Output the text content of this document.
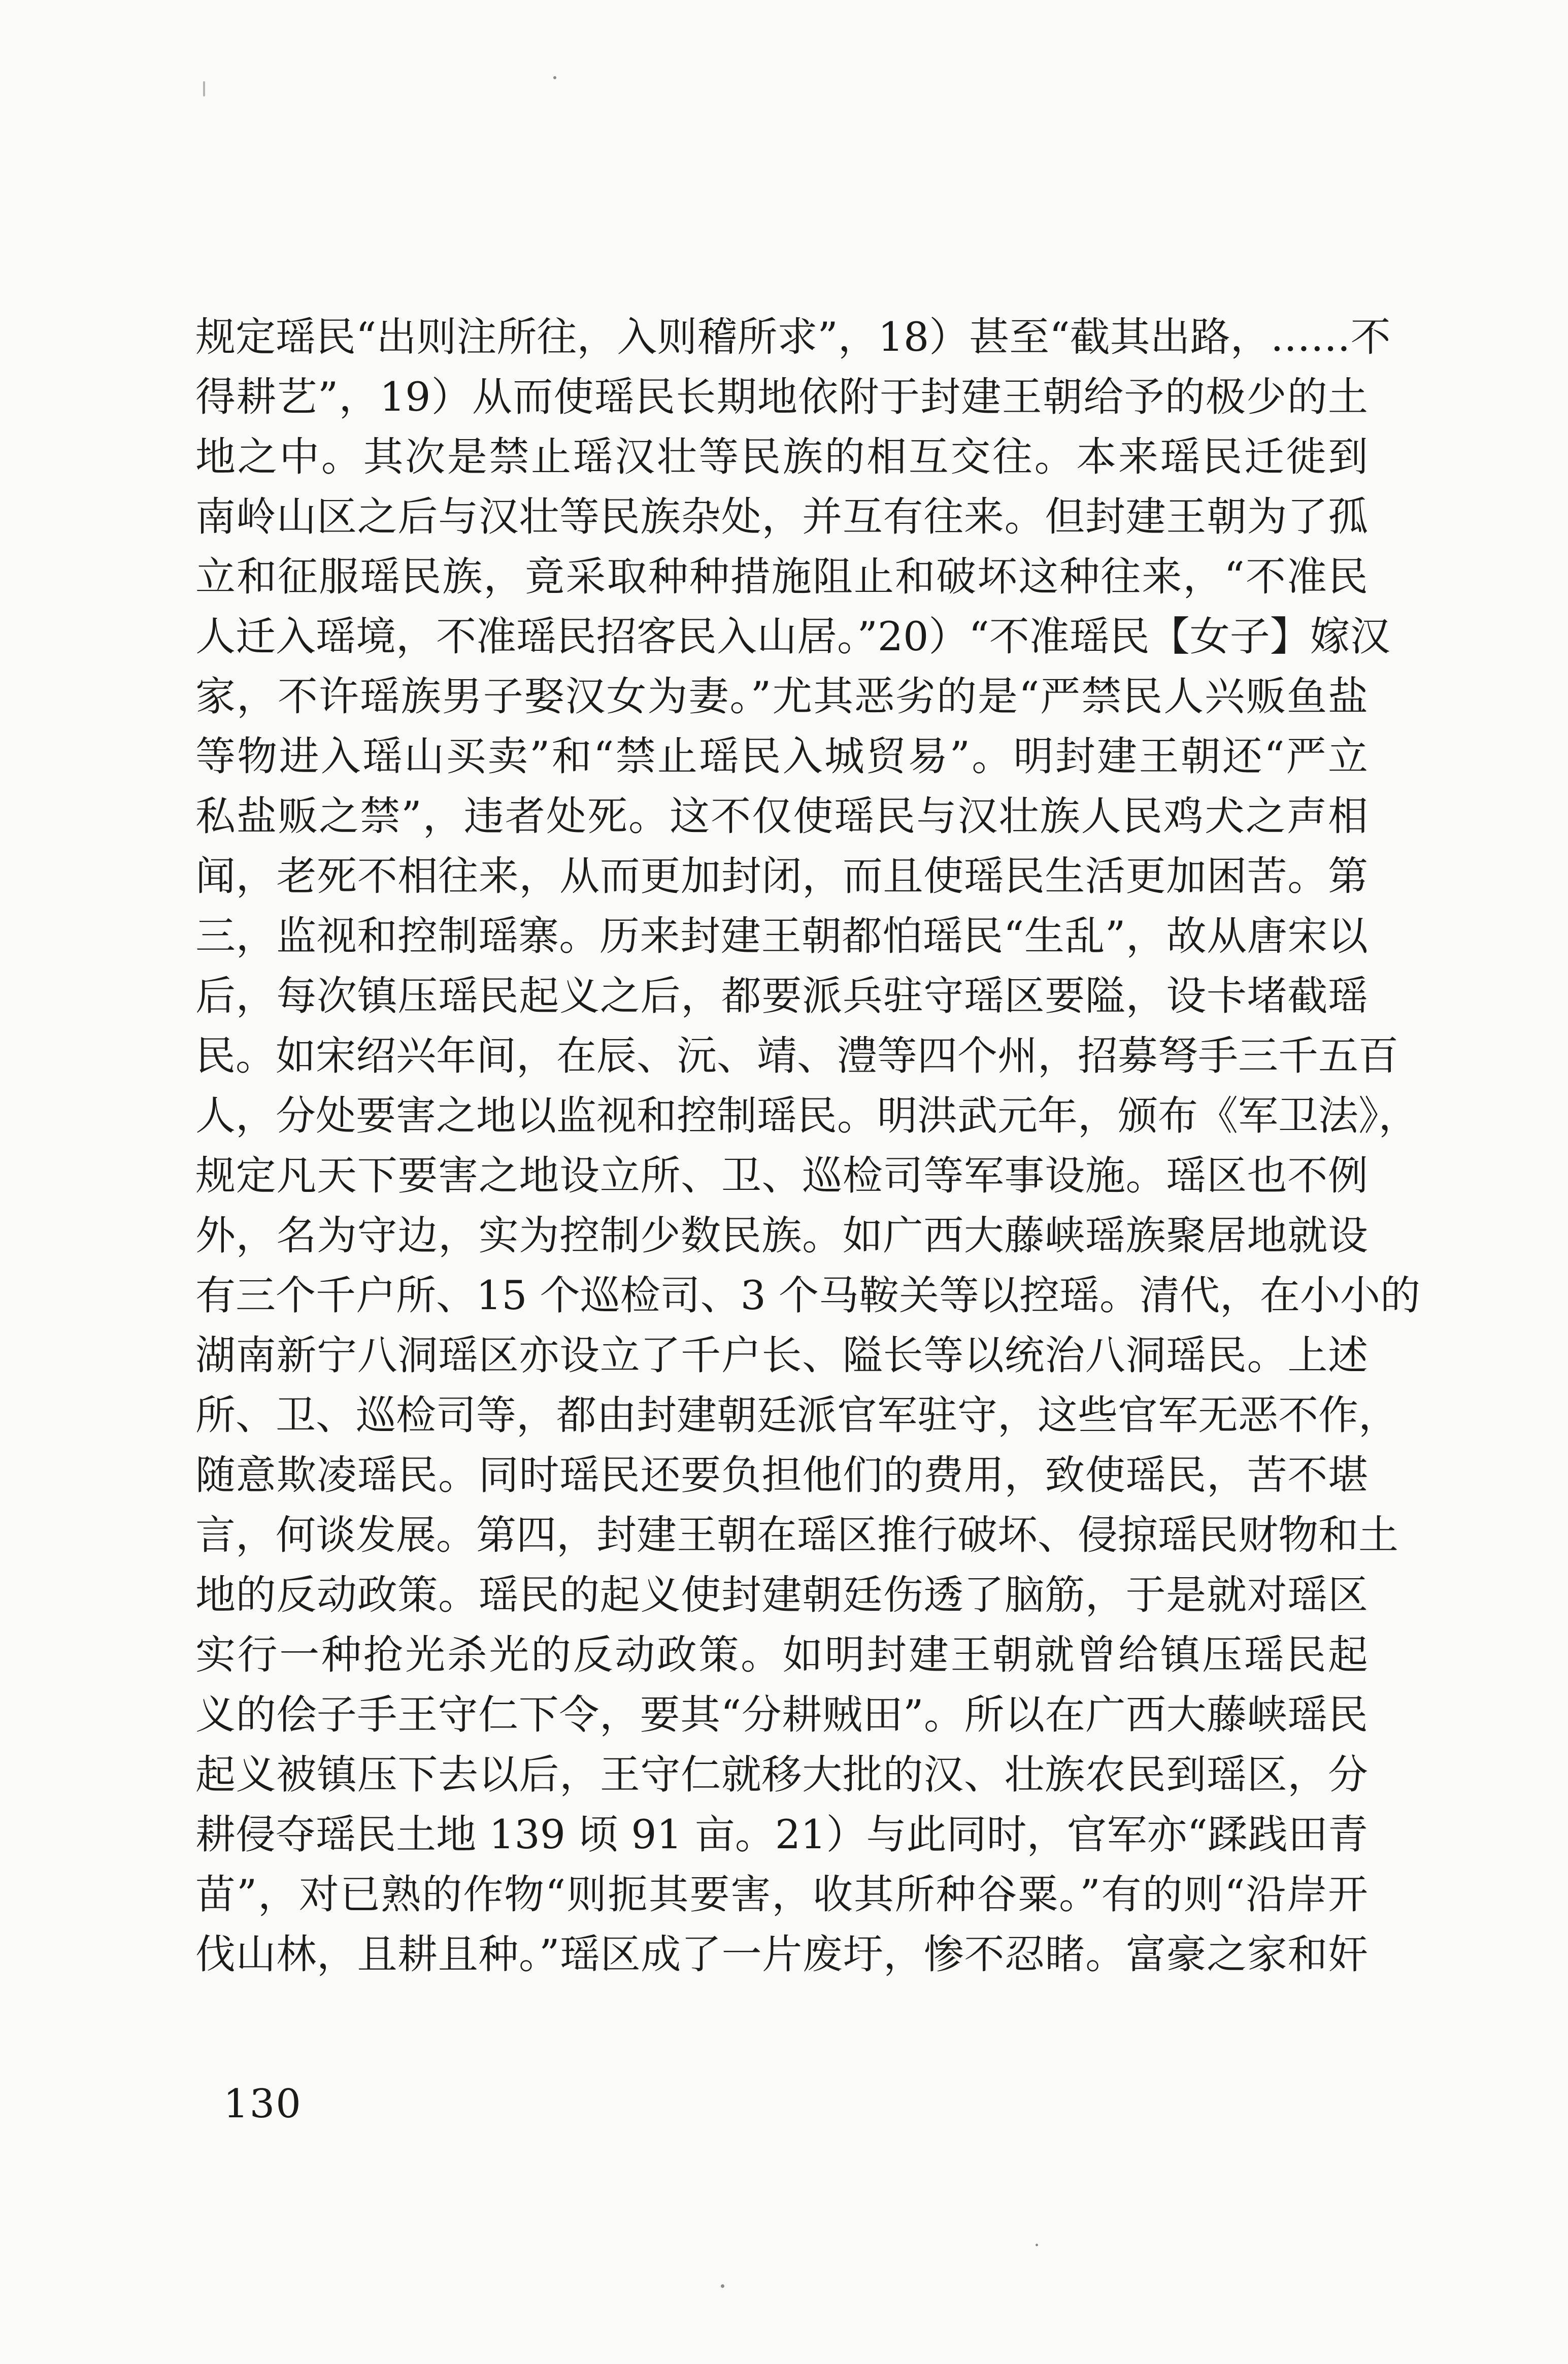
规定瑶民“出则注所往，入则稽所求”，18）甚至“截其出路，……不
得耕艺”，19）从而使瑶民长期地依附于封建王朝给予的极少的土
地之中。其次是禁止瑶汉壮等民族的相互交往。本来瑶民迁徙到
南岭山区之后与汉壮等民族杂处，并互有往来。但封建王朝为了孤
立和征服瑶民族，竟采取种种措施阻止和破坏这种往来，“不准民
人迁入瑶境，不准瑶民招客民入山居。”20）“不准瑶民【女子】嫁汉
家，不许瑶族男子娶汉女为妻。”尤其恶劣的是“严禁民人兴贩鱼盐
等物进入瑶山买卖”和“禁止瑶民入城贸易”。明封建王朝还“严立
私盐贩之禁”，违者处死。这不仅使瑶民与汉壮族人民鸡犬之声相
闻，老死不相往来，从而更加封闭，而且使瑶民生活更加困苦。第
三，监视和控制瑶寨。历来封建王朝都怕瑶民“生乱”，故从唐宋以
后，每次镇压瑶民起义之后，都要派兵驻守瑶区要隘，设卡堵截瑶
民。如宋绍兴年间，在辰、沅、靖、澧等四个州，招募弩手三千五百
人，分处要害之地以监视和控制瑶民。明洪武元年，颁布《军卫法》，
规定凡天下要害之地设立所、卫、巡检司等军事设施。瑶区也不例
外，名为守边，实为控制少数民族。如广西大藤峡瑶族聚居地就设
有三个千户所、15 个巡检司、3 个马鞍关等以控瑶。清代，在小小的
湖南新宁八洞瑶区亦设立了千户长、隘长等以统治八洞瑶民。上述
所、卫、巡检司等，都由封建朝廷派官军驻守，这些官军无恶不作，
随意欺凌瑶民。同时瑶民还要负担他们的费用，致使瑶民，苦不堪
言，何谈发展。第四，封建王朝在瑶区推行破坏、侵掠瑶民财物和土
地的反动政策。瑶民的起义使封建朝廷伤透了脑筋，于是就对瑶区
实行一种抢光杀光的反动政策。如明封建王朝就曾给镇压瑶民起
义的侩子手王守仁下令，要其“分耕贼田”。所以在广西大藤峡瑶民
起义被镇压下去以后，王守仁就移大批的汉、壮族农民到瑶区，分
耕侵夺瑶民土地 139 顷 91 亩。21）与此同时，官军亦“蹂践田青
苗”，对已熟的作物“则扼其要害，收其所种谷粟。”有的则“沿岸开
伐山林，且耕且种。”瑶区成了一片废圩，惨不忍睹。富豪之家和奸
130
